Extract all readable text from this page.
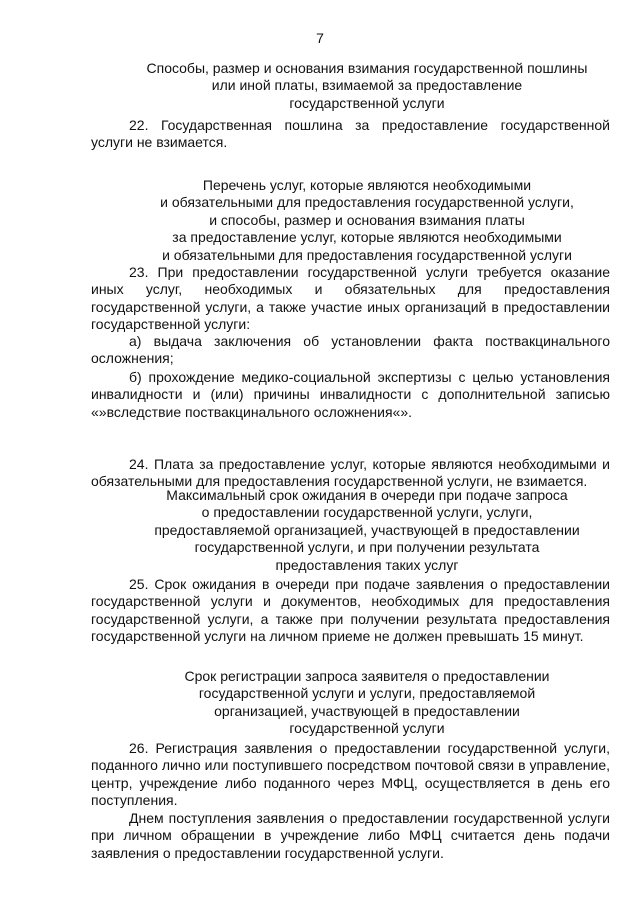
7
Способы, размер и основания взимания государственной пошлины
или иной платы, взимаемой за предоставление
государственной услуги
22. Государственная пошлина за предоставление государственной услуги не взимается.
Перечень услуг, которые являются необходимыми
и обязательными для предоставления государственной услуги,
и способы, размер и основания взимания платы
за предоставление услуг, которые являются необходимыми
и обязательными для предоставления государственной услуги
23. При предоставлении государственной услуги требуется оказание иных услуг, необходимых и обязательных для предоставления государственной услуги, а также участие иных организаций в предоставлении государственной услуги:
а) выдача заключения об установлении факта поствакцинального осложнения;
б) прохождение медико-социальной экспертизы с целью установления инвалидности и (или) причины инвалидности с дополнительной записью «»вследствие поствакцинального осложнения«».
24. Плата за предоставление услуг, которые являются необходимыми и обязательными для предоставления государственной услуги, не взимается.
Максимальный срок ожидания в очереди при подаче запроса
о предоставлении государственной услуги, услуги,
предоставляемой организацией, участвующей в предоставлении
государственной услуги, и при получении результата
предоставления таких услуг
25. Срок ожидания в очереди при подаче заявления о предоставлении государственной услуги и документов, необходимых для предоставления государственной услуги, а также при получении результата предоставления государственной услуги на личном приеме не должен превышать 15 минут.
Срок регистрации запроса заявителя о предоставлении
государственной услуги и услуги, предоставляемой
организацией, участвующей в предоставлении
государственной услуги
26. Регистрация заявления о предоставлении государственной услуги, поданного лично или поступившего посредством почтовой связи в управление, центр, учреждение либо поданного через МФЦ, осуществляется в день его поступления.
Днем поступления заявления о предоставлении государственной услуги при личном обращении в учреждение либо МФЦ считается день подачи заявления о предоставлении государственной услуги.
